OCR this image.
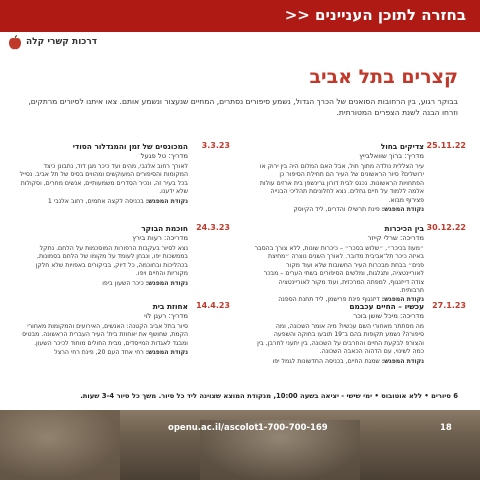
בחזרה לתוכן העניינים <<
דרכות קשרי קלה
קצרים בתל אביב

בבוקר רגוע, בין הרחובות הסואנים של הכרך הגדול, נשמע סיפורים נסתרים, המחיים שנעצור ונשמע אותם. צאו איתנו לסיורים מרתקים, וזרחו הבנה לשנת הצפרים המטורתית.

25.11.22
צדיקים בחול
מדריך: ברוך שוואלבייץ
עיר הצללית נולדה מתוך חול, אבל האם המלום היה בין ירוק או ירושלים? סיור הראשונים של העיר הם תחילת הסיפור כן הפתחויות הראשונות. נכנס לבית דורון גרינשפן בית ארזים עולות אלמה ללמוד על חיים גחלים. נצא לחלוניםת תהליכי הבנייה פצירוף מבוא.
נקודת המפגש: פינת תרשילו והדרים, ליד הקיוסק
3.3.23
המכונסים של זמן והמגדלור הסודי
מדריך: טל פגעל
לאורך רחוב אלנבי, מהים ועד כיכר מגן דוד, נתבונן כיצד המקומות והסיפורים המעוקשים ומהווים בסיס של תל אביב. נסייל בכל בעיר זה, ונכיר הסדרים משמעותיים, אנשים מחרים, וסקולות שלא ידענו.
נקודת המפגש: בכניסה לקצה אחמים, רחוב אלנבי 1
30.12.22
בין הכיכרות
מדריכה: שרלי קייזר
״מעוז בכיכר״, ״שלוש בסכר״ – כיכרות שונות, ללא צורך בהסבר באיזה כיכר תל־אביבית מדובר. לאורך השנים נוצרה ״מחיצת פנים״ בבחת מבכרות העיר החשובות שלא ועוד מקור לאוריינטציה, ותגלגות, ומלשים הסיפורים בשתי הערים – מבכר צודה דייזנגוף, למפתה המרכזית, ועוד מקור לאוריינטציה תרבותית.
נקודת המפגש: דיזנגוף פינת פרישמן, ליד תחנת הספנה
24.3.23
חוכמת הבוקר
מדריכה: רעות בירץ
נצא לסיור בעקבות הרפורות המוסכמות על הלחם. נתקל בממשכות יפו, ונבחן לעומד על מקומו של הלחם בסמונות, בכהליכות ובחוכמה, כל דיוק, בביקורים באפויות שלא חלקן מקוריות והחיים ויפו.
נקודת המפגש: כיכר השעון ביפו
27.1.23
עכשיו – החיים עכבמם
מדריכה: מיכל שושן בוכר
מה מסתתר מאחורי השם עכשיו? מיה אומר השכונה, ומה סיפורה? נשמע תקופות בהם ב־19 תובעו בחוקה והשפעה והצורפ לבקעת החיים והחרבים על השכונה, בין יתעני לחרבן, בין כמה לשינוי, עם הדהוה הכאבה השכונה.
נקודת המפגש: שמגת החיים, בכניסה החדשונות לגמל יפו
14.4.23
אחוזת בית
מדריך: רעגן לוי
סיור בתל אביב הקטנה: האנשים, האירועים והמקומות מאחורי הקמת, שחושף את יאחוזת בית' העיר העברית הראשונה. מבטיס ומבגד לאגדות המייסדים, מבית החולים מוחוד לכיכר השעון.
נקודת המפגש: רחי אחד העם 20, פינת רחי הרצל
6 סיורים • ללא אוטובוס • ימי שישי - יציאה בשעה 10:00, מנקודת המוצא שצוינה ליד כל סיור. משך כל סיור 3-4 שעות.
openu.ac.il/ascolot 1-700-700-169	18
